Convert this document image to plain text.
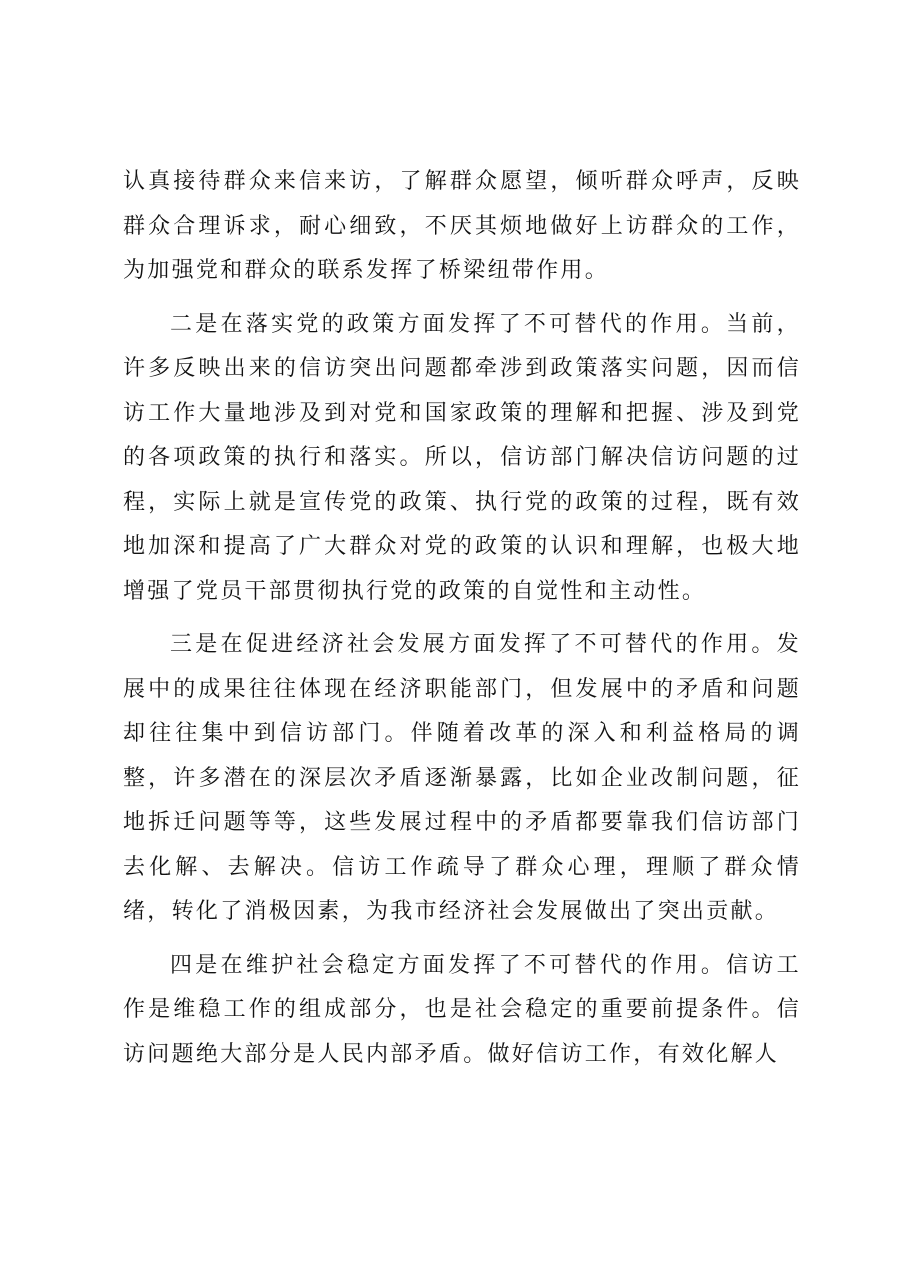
认真接待群众来信来访，了解群众愿望，倾听群众呼声，反映群众合理诉求，耐心细致，不厌其烦地做好上访群众的工作，为加强党和群众的联系发挥了桥梁纽带作用。

二是在落实党的政策方面发挥了不可替代的作用。当前，许多反映出来的信访突出问题都牵涉到政策落实问题，因而信访工作大量地涉及到对党和国家政策的理解和把握、涉及到党的各项政策的执行和落实。所以，信访部门解决信访问题的过程，实际上就是宣传党的政策、执行党的政策的过程，既有效地加深和提高了广大群众对党的政策的认识和理解，也极大地增强了党员干部贯彻执行党的政策的自觉性和主动性。

三是在促进经济社会发展方面发挥了不可替代的作用。发展中的成果往往体现在经济职能部门，但发展中的矛盾和问题却往往集中到信访部门。伴随着改革的深入和利益格局的调整，许多潜在的深层次矛盾逐渐暴露，比如企业改制问题，征地拆迁问题等等，这些发展过程中的矛盾都要靠我们信访部门去化解、去解决。信访工作疏导了群众心理，理顺了群众情绪，转化了消极因素，为我市经济社会发展做出了突出贡献。

四是在维护社会稳定方面发挥了不可替代的作用。信访工作是维稳工作的组成部分，也是社会稳定的重要前提条件。信访问题绝大部分是人民内部矛盾。做好信访工作，有效化解人
